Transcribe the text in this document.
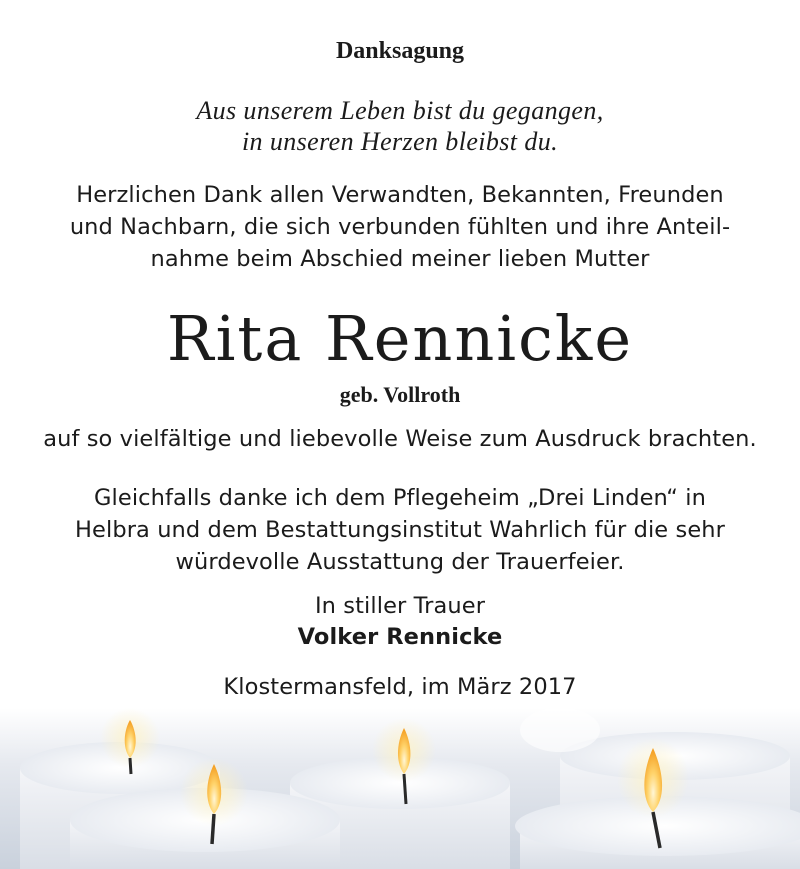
Danksagung
Aus unserem Leben bist du gegangen,
in unseren Herzen bleibst du.
Herzlichen Dank allen Verwandten, Bekannten, Freunden
und Nachbarn, die sich verbunden fühlten und ihre Anteil-
nahme beim Abschied meiner lieben Mutter
Rita Rennicke
geb. Vollroth
auf so vielfältige und liebevolle Weise zum Ausdruck brachten.
Gleichfalls danke ich dem Pflegeheim „Drei Linden“ in
Helbra und dem Bestattungsinstitut Wahrlich für die sehr
würdevolle Ausstattung der Trauerfeier.
In stiller Trauer
Volker Rennicke
Klostermansfeld, im März 2017
